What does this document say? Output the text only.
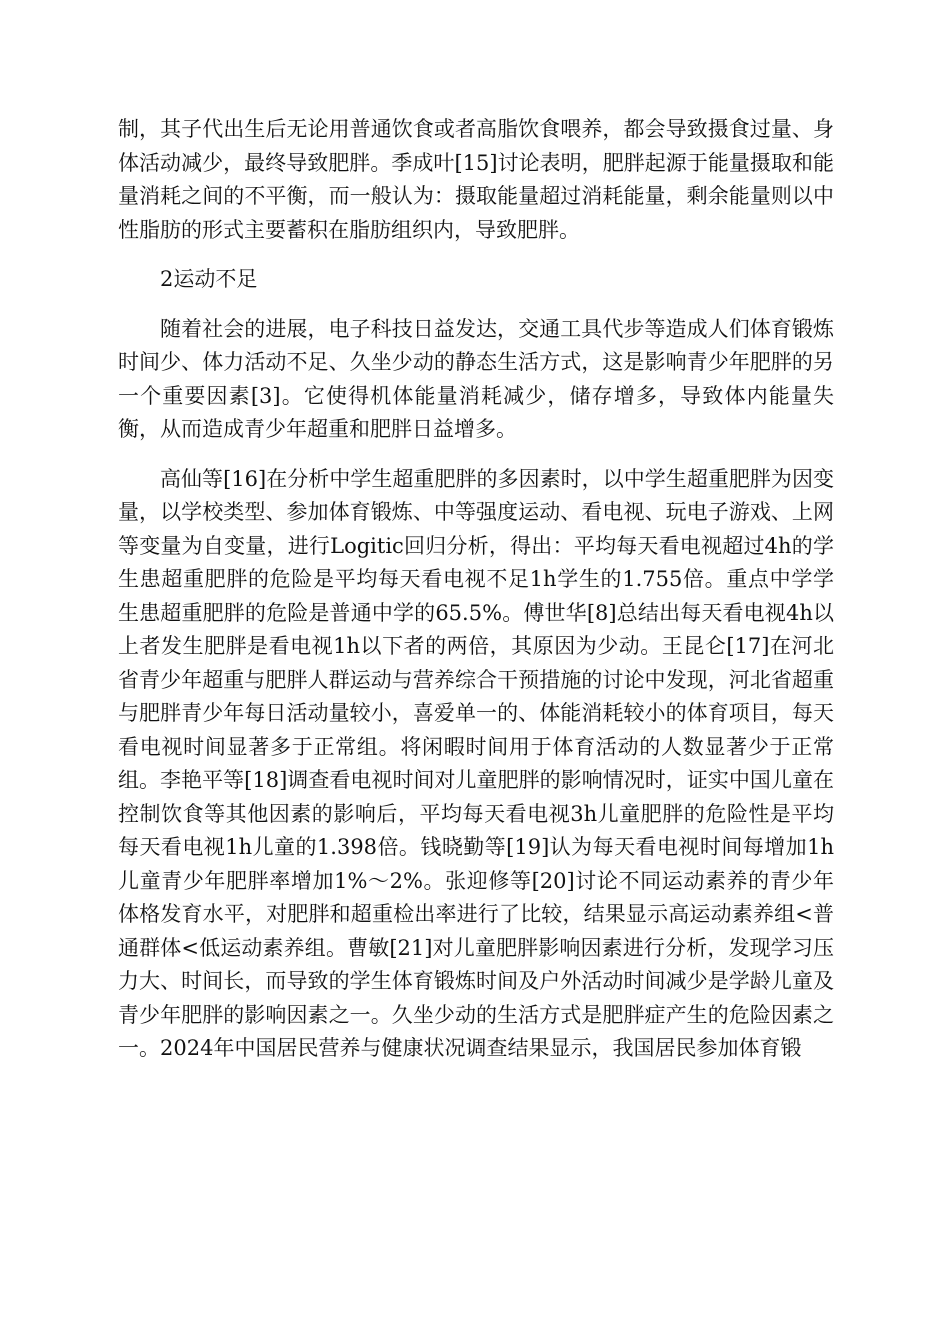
制，其子代出生后无论用普通饮食或者高脂饮食喂养，都会导致摄食过量、身体活动减少，最终导致肥胖。季成叶[15]讨论表明，肥胖起源于能量摄取和能量消耗之间的不平衡，而一般认为：摄取能量超过消耗能量，剩余能量则以中性脂肪的形式主要蓄积在脂肪组织内，导致肥胖。

2运动不足

随着社会的进展，电子科技日益发达，交通工具代步等造成人们体育锻炼时间少、体力活动不足、久坐少动的静态生活方式，这是影响青少年肥胖的另一个重要因素[3]。它使得机体能量消耗减少，储存增多，导致体内能量失衡，从而造成青少年超重和肥胖日益增多。

高仙等[16]在分析中学生超重肥胖的多因素时，以中学生超重肥胖为因变量，以学校类型、参加体育锻炼、中等强度运动、看电视、玩电子游戏、上网等变量为自变量，进行Logitic回归分析，得出：平均每天看电视超过4h的学生患超重肥胖的危险是平均每天看电视不足1h学生的1.755倍。重点中学学生患超重肥胖的危险是普通中学的65.5%。傅世华[8]总结出每天看电视4h以上者发生肥胖是看电视1h以下者的两倍，其原因为少动。王昆仑[17]在河北省青少年超重与肥胖人群运动与营养综合干预措施的讨论中发现，河北省超重与肥胖青少年每日活动量较小，喜爱单一的、体能消耗较小的体育项目，每天看电视时间显著多于正常组。将闲暇时间用于体育活动的人数显著少于正常组。李艳平等[18]调查看电视时间对儿童肥胖的影响情况时，证实中国儿童在控制饮食等其他因素的影响后，平均每天看电视3h儿童肥胖的危险性是平均每天看电视1h儿童的1.398倍。钱晓勤等[19]认为每天看电视时间每增加1h儿童青少年肥胖率增加1%～2%。张迎修等[20]讨论不同运动素养的青少年体格发育水平，对肥胖和超重检出率进行了比较，结果显示高运动素养组<普通群体<低运动素养组。曹敏[21]对儿童肥胖影响因素进行分析，发现学习压力大、时间长，而导致的学生体育锻炼时间及户外活动时间减少是学龄儿童及青少年肥胖的影响因素之一。久坐少动的生活方式是肥胖症产生的危险因素之一。2024年中国居民营养与健康状况调查结果显示，我国居民参加体育锻
